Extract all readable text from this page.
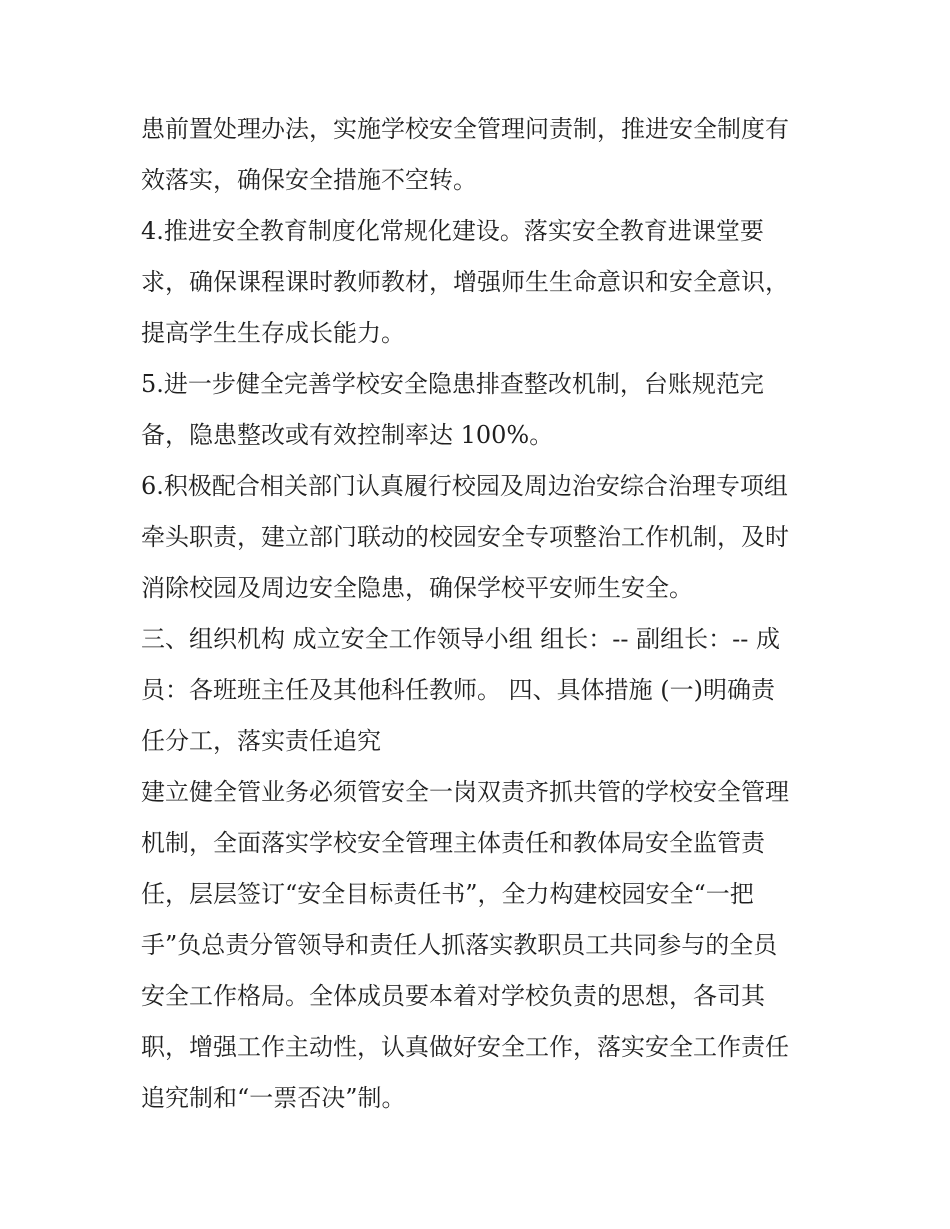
患前置处理办法，实施学校安全管理问责制，推进安全制度有
效落实，确保安全措施不空转。
4.推进安全教育制度化常规化建设。落实安全教育进课堂要
求，确保课程课时教师教材，增强师生生命意识和安全意识，
提高学生生存成长能力。
5.进一步健全完善学校安全隐患排查整改机制，台账规范完
备，隐患整改或有效控制率达 100%。
6.积极配合相关部门认真履行校园及周边治安综合治理专项组
牵头职责，建立部门联动的校园安全专项整治工作机制，及时
消除校园及周边安全隐患，确保学校平安师生安全。
三、组织机构 成立安全工作领导小组 组长：-- 副组长：-- 成
员：各班班主任及其他科任教师。 四、具体措施 (一)明确责
任分工，落实责任追究
建立健全管业务必须管安全一岗双责齐抓共管的学校安全管理
机制，全面落实学校安全管理主体责任和教体局安全监管责
任，层层签订“安全目标责任书”，全力构建校园安全“一把
手”负总责分管领导和责任人抓落实教职员工共同参与的全员
安全工作格局。全体成员要本着对学校负责的思想，各司其
职，增强工作主动性，认真做好安全工作，落实安全工作责任
追究制和“一票否决”制。
